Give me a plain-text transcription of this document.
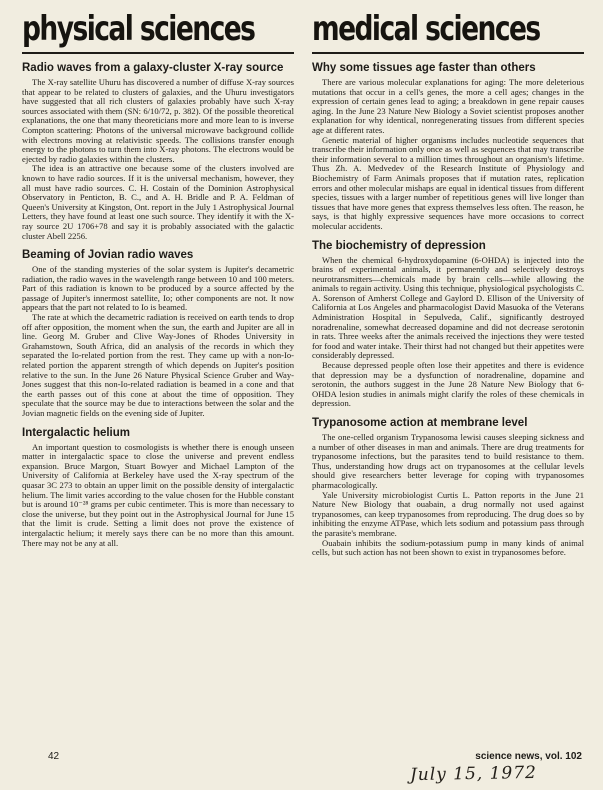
physical sciences
Radio waves from a galaxy-cluster X-ray source

The X-ray satellite Uhuru has discovered a number of diffuse X-ray sources that appear to be related to clusters of galaxies, and the Uhuru investigators have suggested that all rich clusters of galaxies probably have such X-ray sources associated with them (SN: 6/10/72, p. 382). Of the possible theoretical explanations, the one that many theoreticians more and more lean to is inverse Compton scattering: Photons of the universal microwave background collide with electrons moving at relativistic speeds. The collisions transfer enough energy to the photons to turn them into X-ray photons. The electrons would be ejected by radio galaxies within the clusters.

The idea is an attractive one because some of the clusters involved are known to have radio sources. If it is the universal mechanism, however, they all must have radio sources. C. H. Costain of the Dominion Astrophysical Observatory in Penticton, B. C., and A. H. Bridle and P. A. Feldman of Queen's University at Kingston, Ont. report in the July 1 Astrophysical Journal Letters, they have found at least one such source. They identify it with the X-ray source 2U 1706+78 and say it is probably associated with the galactic cluster Abell 2256.

Beaming of Jovian radio waves

One of the standing mysteries of the solar system is Jupiter's decametric radiation, the radio waves in the wavelength range between 10 and 100 meters. Part of this radiation is known to be produced by a source affected by the passage of Jupiter's innermost satellite, Io; other components are not. It now appears that the part not related to Io is beamed.

The rate at which the decametric radiation is received on earth tends to drop off after opposition, the moment when the sun, the earth and Jupiter are all in line. Georg M. Gruber and Clive Way-Jones of Rhodes University in Grahamstown, South Africa, did an analysis of the records in which they separated the Io-related portion from the rest. They came up with a non-Io-related portion the apparent strength of which depends on Jupiter's position relative to the sun. In the June 26 Nature Physical Science Gruber and Way-Jones suggest that this non-Io-related radiation is beamed in a cone and that the earth passes out of this cone at about the time of opposition. They speculate that the source may be due to interactions between the solar and the Jovian magnetic fields on the evening side of Jupiter.

Intergalactic helium

An important question to cosmologists is whether there is enough unseen matter in intergalactic space to close the universe and prevent endless expansion. Bruce Margon, Stuart Bowyer and Michael Lampton of the University of California at Berkeley have used the X-ray spectrum of the quasar 3C 273 to obtain an upper limit on the possible density of intergalactic helium. The limit varies according to the value chosen for the Hubble constant but is around 10⁻²⁸ grams per cubic centimeter. This is more than necessary to close the universe, but they point out in the Astrophysical Journal for June 15 that the limit is crude. Setting a limit does not prove the existence of intergalactic helium; it merely says there can be no more than this amount. There may not be any at all.

medical sciences
Why some tissues age faster than others

There are various molecular explanations for aging: The more deleterious mutations that occur in a cell's genes, the more a cell ages; changes in the expression of certain genes lead to aging; a breakdown in gene repair causes aging. In the June 23 Nature New Biology a Soviet scientist proposes another explanation for why identical, nonregenerating tissues from different species age at different rates.

Genetic material of higher organisms includes nucleotide sequences that transcribe their information only once as well as sequences that may transcribe their information several to a million times throughout an organism's lifetime. Thus Zh. A. Medvedev of the Research Institute of Physiology and Biochemistry of Farm Animals proposes that if mutation rates, replication errors and other molecular mishaps are equal in identical tissues from different species, tissues with a larger number of repetitious genes will live longer than tissues that have more genes that express themselves less often. The reason, he says, is that highly expressive sequences have more occasions to correct molecular accidents.

The biochemistry of depression

When the chemical 6-hydroxydopamine (6-OHDA) is injected into the brains of experimental animals, it permanently and selectively destroys neurotransmitters—chemicals made by brain cells—while allowing the animals to regain activity. Using this technique, physiological psychologists C. A. Sorenson of Amherst College and Gaylord D. Ellison of the University of California at Los Angeles and pharmacologist David Masuoka of the Veterans Administration Hospital in Sepulveda, Calif., significantly destroyed noradrenaline, somewhat decreased dopamine and did not decrease serotonin in rats. Three weeks after the animals received the injections they were tested for food and water intake. Their thirst had not changed but their appetites were considerably depressed.

Because depressed people often lose their appetites and there is evidence that depression may be a dysfunction of noradrenaline, dopamine and serotonin, the authors suggest in the June 28 Nature New Biology that 6-OHDA lesion studies in animals might clarify the roles of these chemicals in depression.

Trypanosome action at membrane level

The one-celled organism Trypanosoma lewisi causes sleeping sickness and a number of other diseases in man and animals. There are drug treatments for trypanosome infections, but the parasites tend to build resistance to them. Thus, understanding how drugs act on trypanosomes at the cellular levels should give researchers better leverage for coping with trypanosomes pharmacologically.

Yale University microbiologist Curtis L. Patton reports in the June 21 Nature New Biology that ouabain, a drug normally not used against trypanosomes, can keep trypanosomes from reproducing. The drug does so by inhibiting the enzyme ATPase, which lets sodium and potassium pass through the parasite's membrane.

Ouabain inhibits the sodium-potassium pump in many kinds of animal cells, but such action has not been shown to exist in trypanosomes before.

42	science news, vol. 102
July 15, 1972
